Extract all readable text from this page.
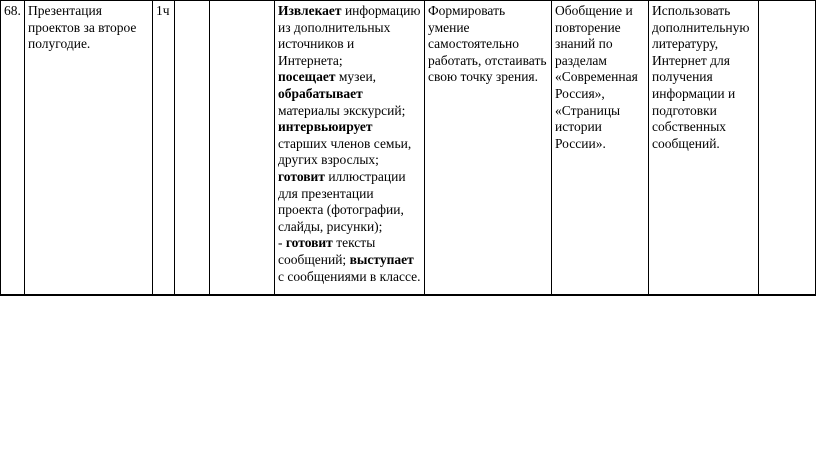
68.	Презентация проектов за второе полугодие.	1ч			Извлекает информацию из дополнительных источников и Интернета;
посещает музеи,
обрабатывает материалы экскурсий;
интервьюирует старших членов семьи, других взрослых;
готовит иллюстрации для презентации проекта (фотографии, слайды, рисунки);
- готовит тексты сообщений; выступает с сообщениями в классе.	Формировать умение самостоятельно работать, отстаивать свою точку зрения.	Обобщение и повторение знаний по разделам «Современная Россия», «Страницы истории России».	Использовать дополнительную литературу, Интернет для получения информации и подготовки собственных сообщений.	
